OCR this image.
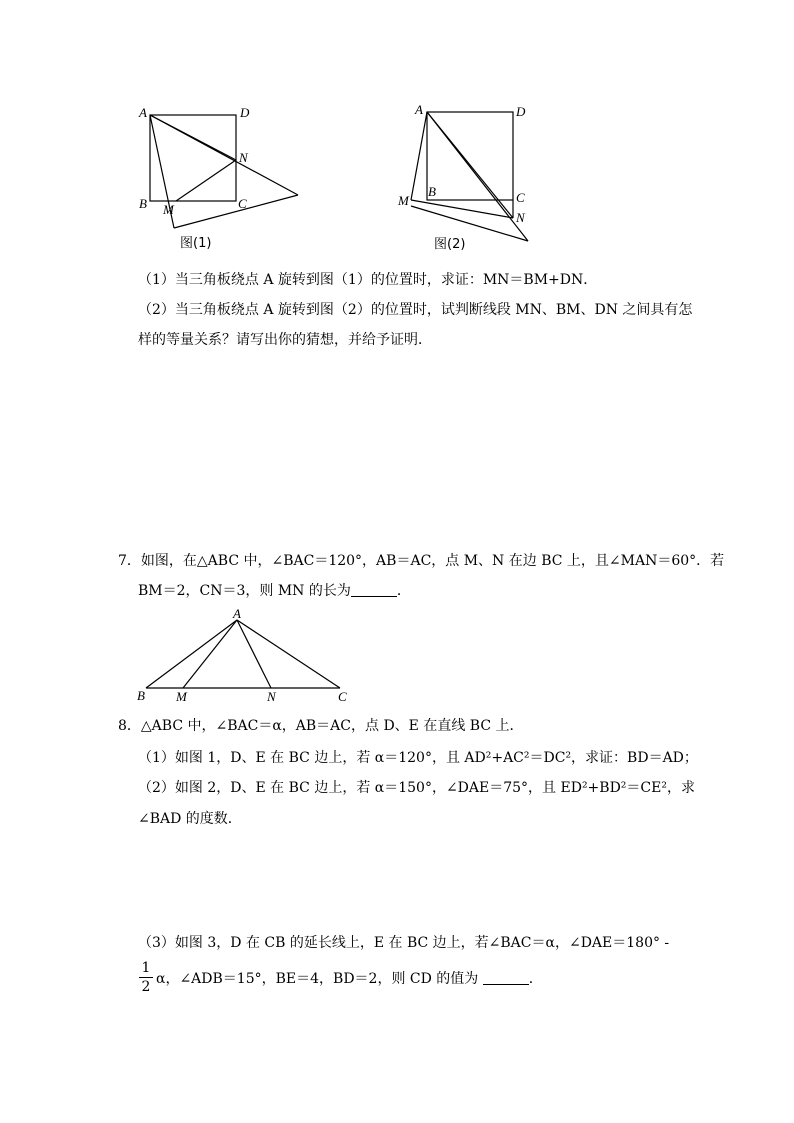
A	D
N
B M	C
图(1)
A	D
B	C
M
N
图(2)
（1）当三角板绕点 A 旋转到图（1）的位置时，求证：MN＝BM+DN．
（2）当三角板绕点 A 旋转到图（2）的位置时，试判断线段 MN、BM、DN 之间具有怎
样的等量关系？请写出你的猜想，并给予证明．
7．如图，在△ABC 中，∠BAC＝120°，AB＝AC，点 M、N 在边 BC 上，且∠MAN＝60°．若
BM＝2，CN＝3，则 MN 的长为	．
A
B M	N	C
8．△ABC 中，∠BAC＝α，AB＝AC，点 D、E 在直线 BC 上．
（1）如图 1，D、E 在 BC 边上，若 α＝120°，且 AD²+AC²＝DC²，求证：BD＝AD；
（2）如图 2，D、E 在 BC 边上，若 α＝150°，∠DAE＝75°，且 ED²+BD²＝CE²，求
∠BAD 的度数．
（3）如图 3，D 在 CB 的延长线上，E 在 BC 边上，若∠BAC＝α，∠DAE＝180° -
1
2 α，∠ADB＝15°，BE＝4，BD＝2，则 CD 的值为	．
